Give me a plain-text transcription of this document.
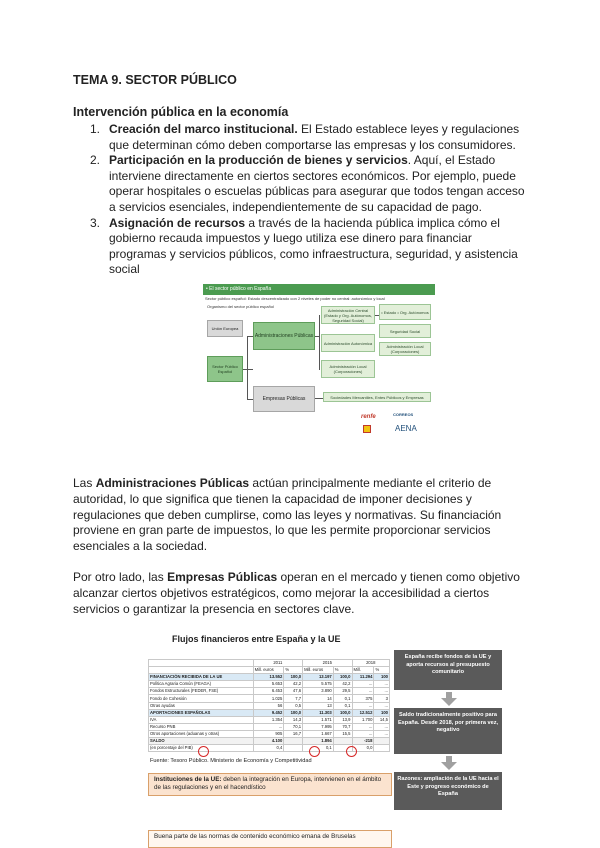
TEMA 9. SECTOR PÚBLICO
Intervención pública en la economía
1. Creación del marco institucional. El Estado establece leyes y regulaciones que determinan cómo deben comportarse las empresas y los consumidores.
2. Participación en la producción de bienes y servicios. Aquí, el Estado interviene directamente en ciertos sectores económicos. Por ejemplo, puede operar hospitales o escuelas públicas para asegurar que todos tengan acceso a servicios esenciales, independientemente de su capacidad de pago.
3. Asignación de recursos a través de la hacienda pública implica cómo el gobierno recauda impuestos y luego utiliza ese dinero para financiar programas y servicios públicos, como infraestructura, seguridad, y asistencia social
• El sector público en España
Sector público español: Estado descentralizado con 2 niveles de poder no central: autonómico y local
Organismo del sector público español
Unión Europea
Sector Público Español
Administraciones Públicas
Empresas Públicas
Administración Central (Estado y Org. Autónomos, Seguridad Social)
• Estado • Org. Autónomos
Seguridad Social
Administración Autonómica
Administración Local (Corporaciones)
Administración Local (Corporaciones)
Sociedades Mercantiles, Entes Públicos y Empresas
renfe	CORREOS
AENA

Las Administraciones Públicas actúan principalmente mediante el criterio de autoridad, lo que significa que tienen la capacidad de imponer decisiones y regulaciones que deben cumplirse, como las leyes y normativas. Su financiación proviene en gran parte de impuestos, lo que les permite proporcionar servicios esenciales a la sociedad.

Por otro lado, las Empresas Públicas operan en el mercado y tienen como objetivo alcanzar ciertos objetivos estratégicos, como mejorar la accesibilidad a ciertos servicios o garantizar la presencia en sectores clave.

Flujos financieros entre España y la UE
	2011		2015		2018	
	Mill. euros	%	Mill. euros	%	Mill.	%
FINANCIACIÓN RECIBIDA DE LA UE	13.552	100,0	13.197	100,0	11.294	100
Política Agraria Común (FEAGA)	5.653	42,2	5.575	42,2	...	...
Fondos Estructurales (FEDER, FSE)	6.453	47,6	3.890	29,5	...	...
Fondo de Cohesión	1.025	7,7	14	0,1	375	3
Otras ayudas	56	0,5	13	0,1	...	...
APORTACIONES ESPAÑOLAS	9.452	100,0	11.303	100,0	12.512	100
IVA	1.354	14,3	1.571	13,9	1.700	14,5
Recurso PNB	...	70,1	7.995	70,7	...	...
Otros aportaciones (aduanas y otras)	905	16,7	1.667	15,5	...	...
SALDO	4.100		1.894		-218	
(en porcentaje del PIB)	0,4		0,1		0,0	
Fuente: Tesoro Público. Ministerio de Economía y Competitividad
España recibe fondos de la UE y aporta recursos al presupuesto comunitario
Saldo tradicionalmente positivo para España. Desde 2018, por primera vez, negativo
Razones: ampliación de la UE hacia el Este y progreso económico de España
Instituciones de la UE: deben la integración en Europa, intervienen en el ámbito de las regulaciones y en el hacendístico
Buena parte de las normas de contenido económico emana de Bruselas
